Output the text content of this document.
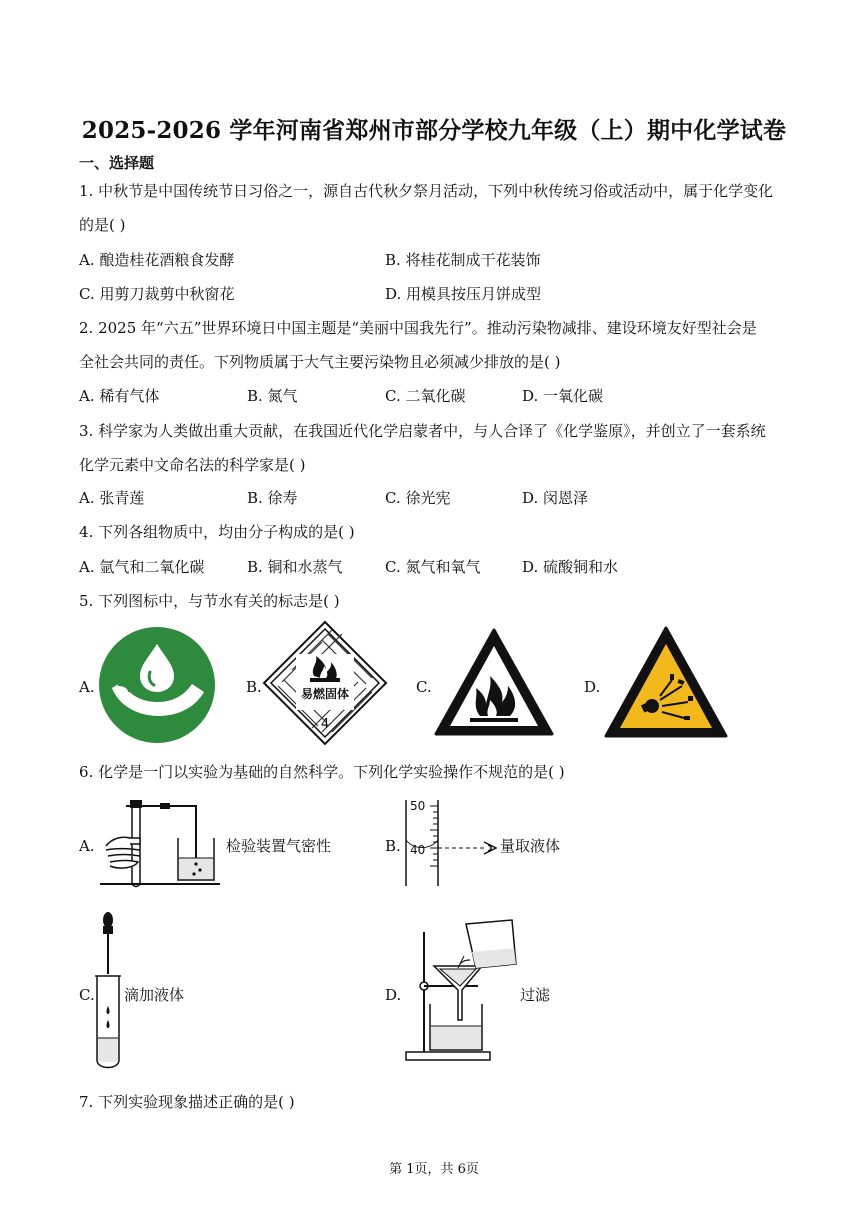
2025-2026 学年河南省郑州市部分学校九年级（上）期中化学试卷
一、选择题
1. 中秋节是中国传统节日习俗之一，源自古代秋夕祭月活动，下列中秋传统习俗或活动中，属于化学变化
的是( )
A. 酿造桂花酒粮食发酵	B. 将桂花制成干花装饰
C. 用剪刀裁剪中秋窗花	D. 用模具按压月饼成型
2. 2025 年“六五”世界环境日中国主题是“美丽中国我先行”。推动污染物减排、建设环境友好型社会是
全社会共同的责任。下列物质属于大气主要污染物且必须减少排放的是( )
A. 稀有气体	B. 氮气	C. 二氧化碳	D. 一氧化碳
3. 科学家为人类做出重大贡献，在我国近代化学启蒙者中，与人合译了《化学鉴原》，并创立了一套系统
化学元素中文命名法的科学家是( )
A. 张青莲	B. 徐寿	C. 徐光宪	D. 闵恩泽
4. 下列各组物质中，均由分子构成的是( )
A. 氩气和二氧化碳	B. 铜和水蒸气	C. 氮气和氧气	D. 硫酸铜和水
5. 下列图标中，与节水有关的标志是( )
A.	B.	C.	D.
易燃固体
4
6. 化学是一门以实验为基础的自然科学。下列化学实验操作不规范的是( )
A.	检验装置气密性	B.
50
40	量取液体
C. 滴加液体	D.	过滤
7. 下列实验现象描述正确的是( )
第 1页，共 6页
